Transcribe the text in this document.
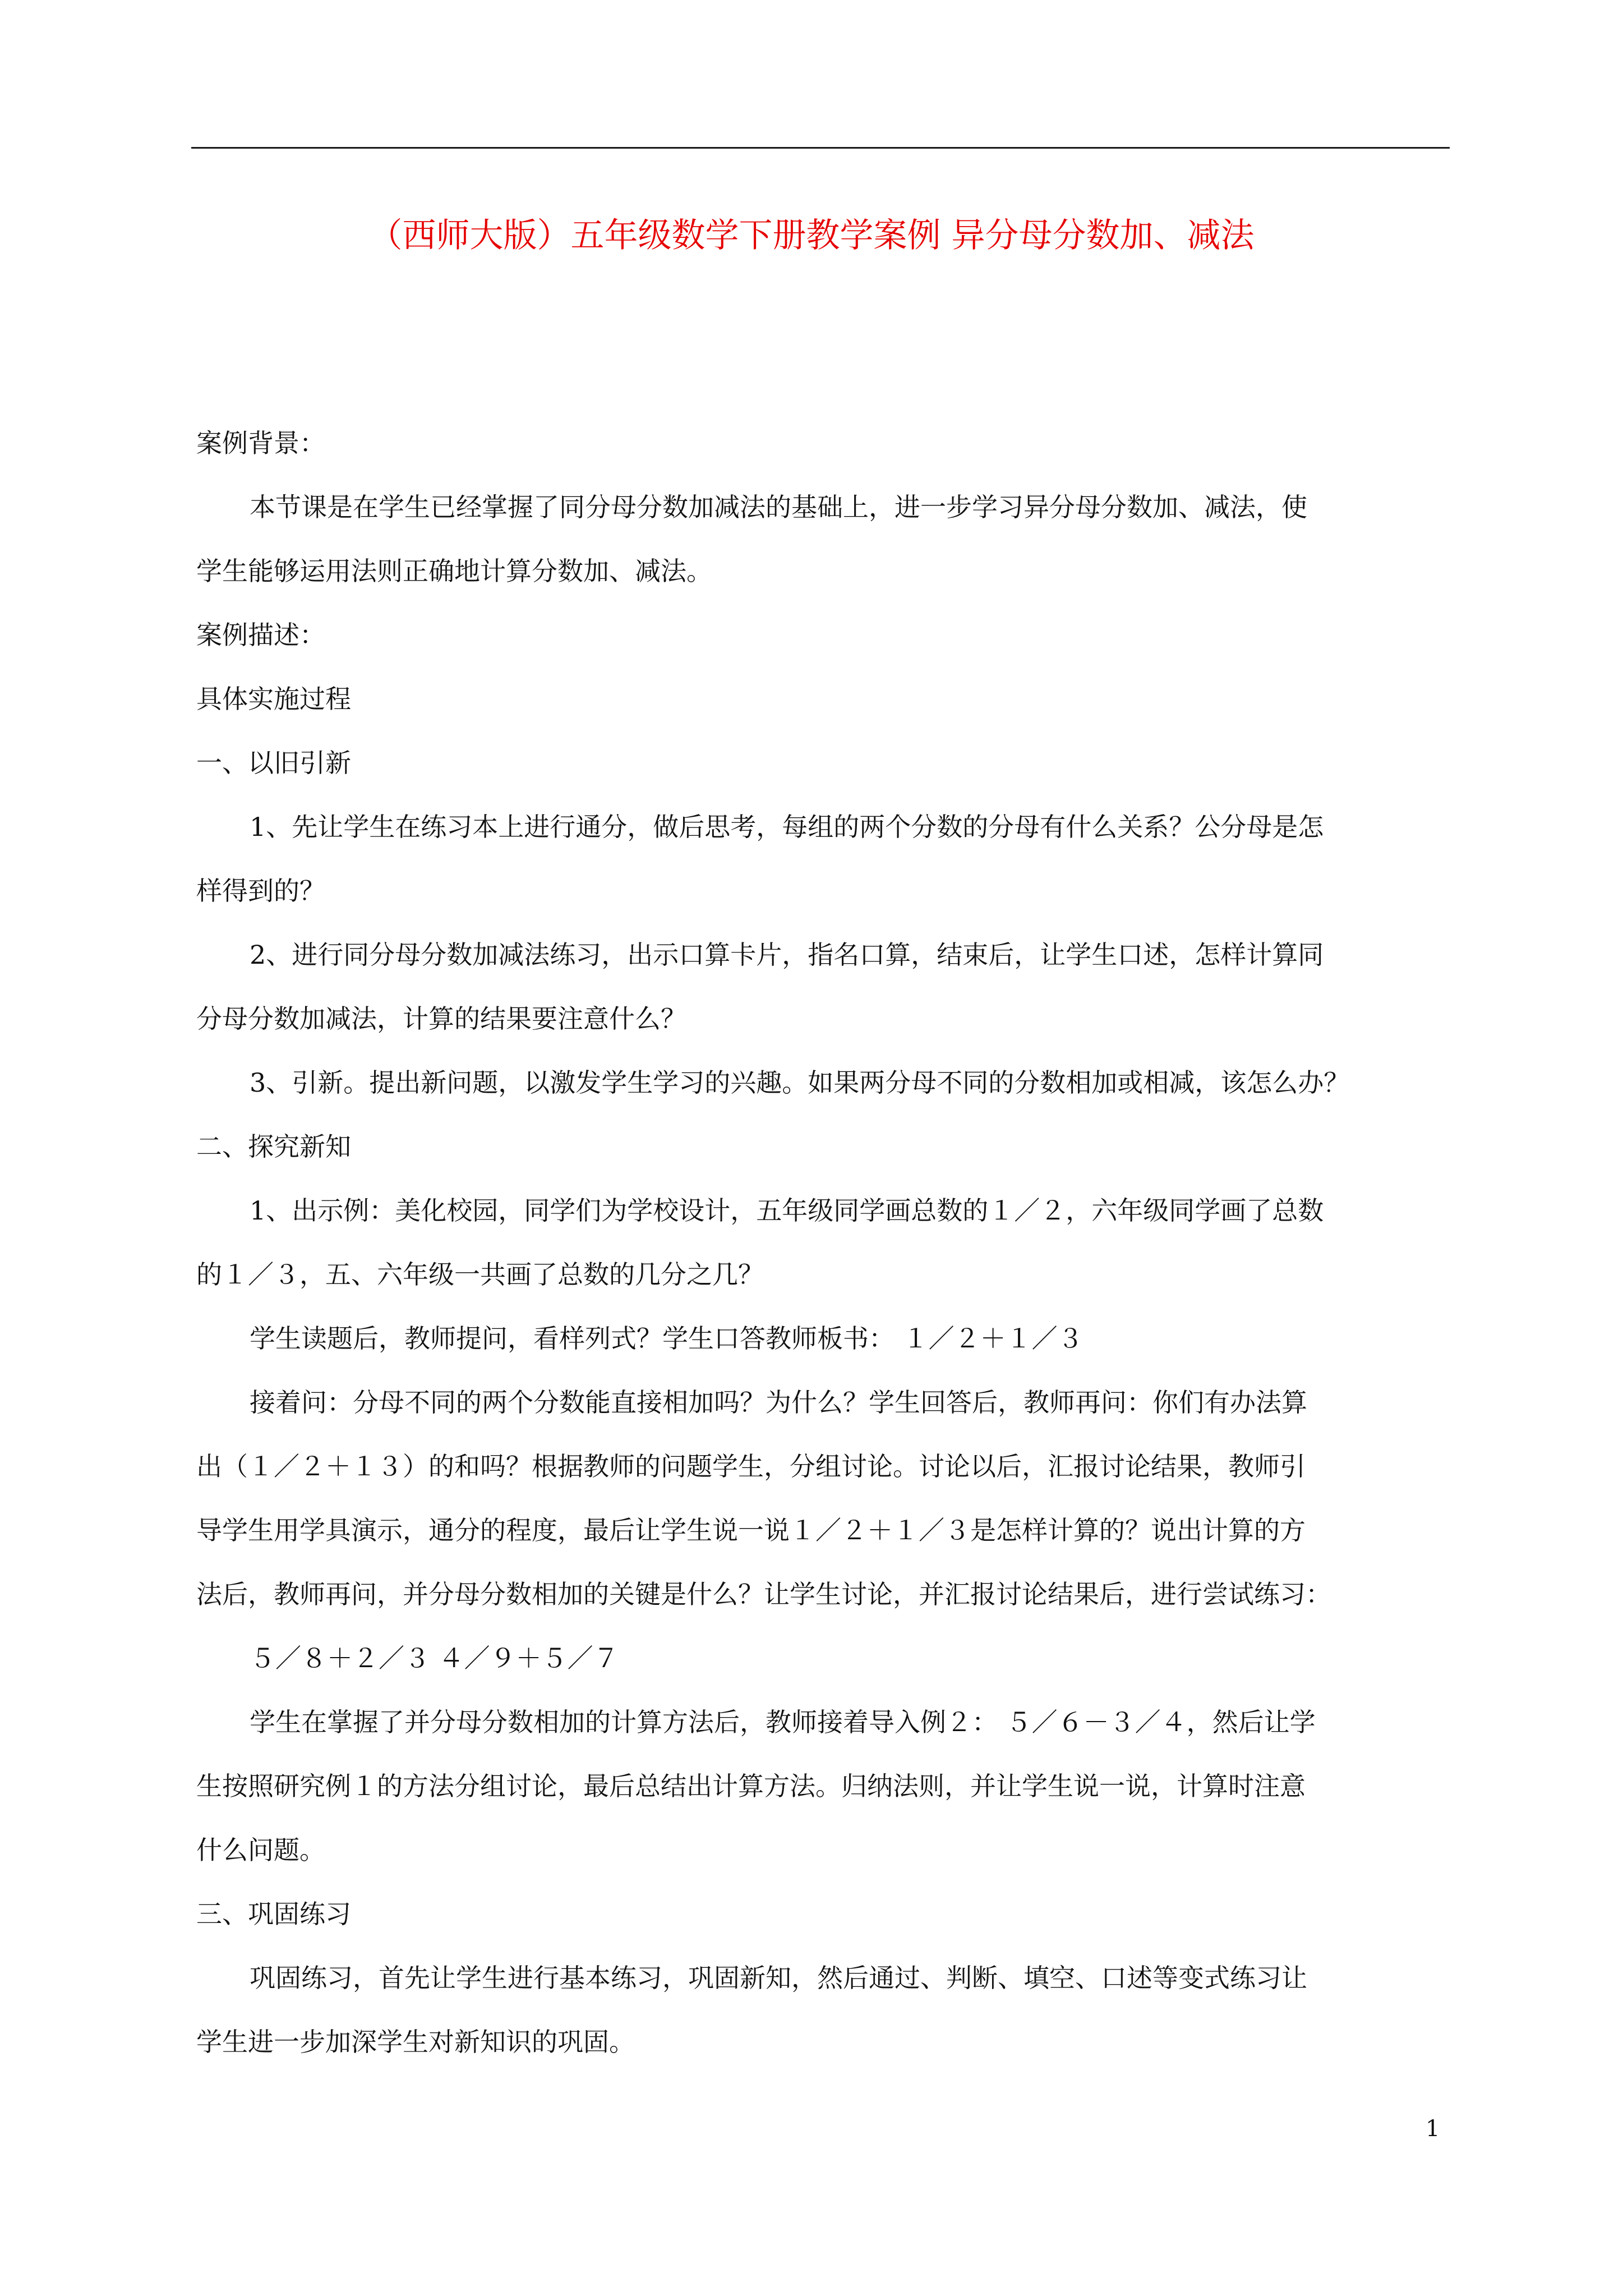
（西师大版）五年级数学下册教学案例 异分母分数加、减法
案例背景：
本节课是在学生已经掌握了同分母分数加减法的基础上，进一步学习异分母分数加、减法，使
学生能够运用法则正确地计算分数加、减法。
案例描述：
具体实施过程
一、以旧引新
1、先让学生在练习本上进行通分，做后思考，每组的两个分数的分母有什么关系？公分母是怎
样得到的？
2、进行同分母分数加减法练习，出示口算卡片，指名口算，结束后，让学生口述，怎样计算同
分母分数加减法，计算的结果要注意什么？
3、引新。提出新问题，以激发学生学习的兴趣。如果两分母不同的分数相加或相减，该怎么办？
二、探究新知
1、出示例：美化校园，同学们为学校设计，五年级同学画总数的１／２，六年级同学画了总数
的１／３，五、六年级一共画了总数的几分之几？
学生读题后，教师提问，看样列式？学生口答教师板书： １／２＋１／３
接着问：分母不同的两个分数能直接相加吗？为什么？学生回答后，教师再问：你们有办法算
出（１／２＋１３）的和吗？根据教师的问题学生，分组讨论。讨论以后，汇报讨论结果，教师引
导学生用学具演示，通分的程度，最后让学生说一说１／２＋１／３是怎样计算的？说出计算的方
法后，教师再问，并分母分数相加的关键是什么？让学生讨论，并汇报讨论结果后，进行尝试练习：
５／８＋２／３ ４／９＋５／７
学生在掌握了并分母分数相加的计算方法后，教师接着导入例２： ５／６－３／４，然后让学
生按照研究例１的方法分组讨论，最后总结出计算方法。归纳法则，并让学生说一说，计算时注意
什么问题。
三、巩固练习
巩固练习，首先让学生进行基本练习，巩固新知，然后通过、判断、填空、口述等变式练习让
学生进一步加深学生对新知识的巩固。
1
